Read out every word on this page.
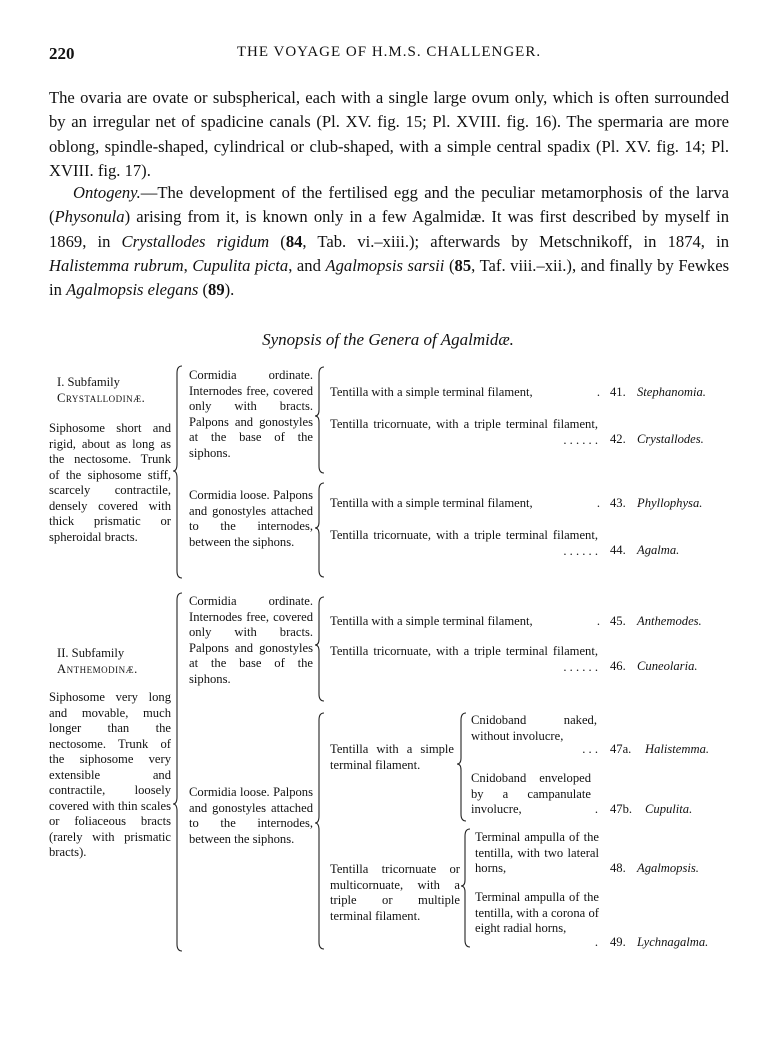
220	THE VOYAGE OF H.M.S. CHALLENGER.
The ovaria are ovate or subspherical, each with a single large ovum only, which is often surrounded by an irregular net of spadicine canals (Pl. XV. fig. 15; Pl. XVIII. fig. 16). The spermaria are more oblong, spindle-shaped, cylindrical or club-shaped, with a simple central spadix (Pl. XV. fig. 14; Pl. XVIII. fig. 17).
Ontogeny.—The development of the fertilised egg and the peculiar metamorphosis of the larva (Physonula) arising from it, is known only in a few Agalmidæ. It was first described by myself in 1869, in Crystallodes rigidum (84, Tab. vi.–xiii.); afterwards by Metschnikoff, in 1874, in Halistemma rubrum, Cupulita picta, and Agalmopsis sarsii (85, Taf. viii.–xii.), and finally by Fewkes in Agalmopsis elegans (89).
Synopsis of the Genera of Agalmidæ.
I. Subfamily
Crystallodinæ.
Siphosome short and rigid, about as long as the nectosome. Trunk of the siphosome stiff, scarcely contractile, densely covered with thick prismatic or spheroidal bracts.
Cormidia ordinate. Internodes free, covered only with bracts. Palpons and gonostyles at the base of the siphons.
Tentilla with a simple terminal filament,	. 41. Stephanomia.
Tentilla tricornuate, with a triple terminal filament,
. . . . . . 42. Crystallodes.
Cormidia loose. Palpons and gonostyles attached to the internodes, between the siphons.
Tentilla with a simple terminal filament,	. 43. Phyllophysa.
Tentilla tricornuate, with a triple terminal filament,
. . . . . . 44. Agalma.
II. Subfamily
Anthemodinæ.
Siphosome very long and movable, much longer than the nectosome. Trunk of the siphosome very extensible and contractile, loosely covered with thin scales or foliaceous bracts (rarely with prismatic bracts).
Cormidia ordinate. Internodes free, covered only with bracts. Palpons and gonostyles at the base of the siphons.
Tentilla with a simple terminal filament,	. 45. Anthemodes.
Tentilla tricornuate, with a triple terminal filament,
. . . . . . 46. Cuneolaria.
Cormidia loose. Palpons and gonostyles attached to the internodes, between the siphons.
Tentilla with a simple terminal filament.
Cnidoband naked, without involucre,
. . . 47a. Halistemma.
Cnidoband enveloped by a campanulate involucre,	. 47b. Cupulita.
Tentilla tricornuate or multicornuate, with a triple or multiple terminal filament.
Terminal ampulla of the tentilla, with two lateral horns,	48. Agalmopsis.
Terminal ampulla of the tentilla, with a corona of eight radial horns,
. 49. Lychnagalma.
